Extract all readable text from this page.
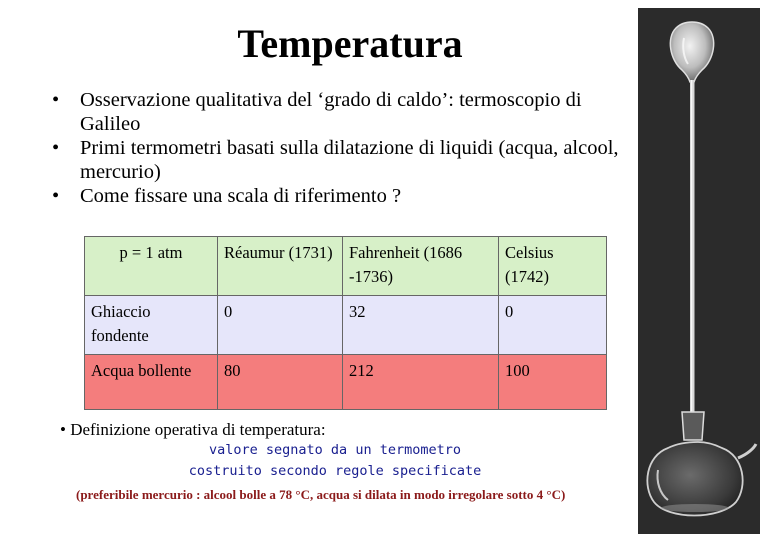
Temperatura
• Osservazione qualitativa del ‘grado di caldo’: termoscopio di Galileo
• Primi termometri basati sulla dilatazione di liquidi (acqua, alcool, mercurio)
• Come fissare una scala di riferimento ?
p = 1 atm	Réaumur (1731)	Fahrenheit (1686 -1736)	Celsius (1742)
Ghiaccio fondente	0	32	0
Acqua bollente	80	212	100
• Definizione operativa di temperatura:
valore segnato da un termometro
costruito secondo regole specificate
(preferibile mercurio : alcool bolle a 78 °C, acqua si dilata in modo irregolare sotto 4 °C)
